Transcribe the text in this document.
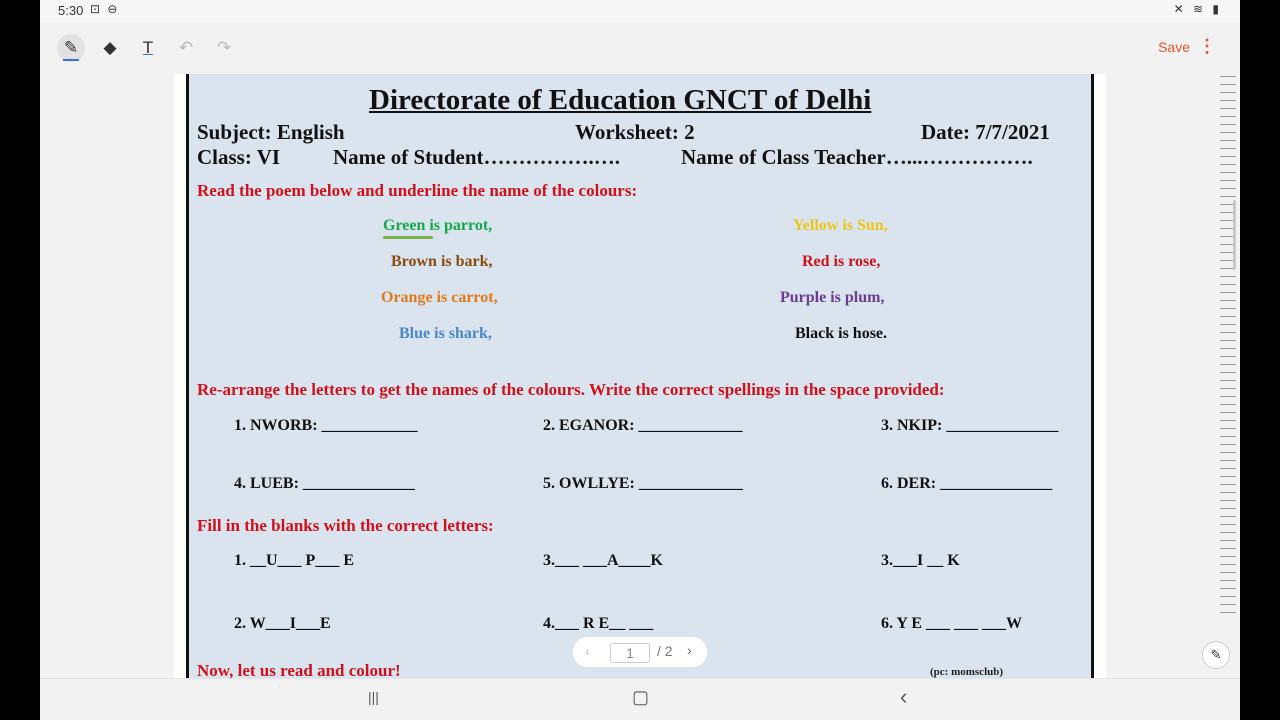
5:30 ⊡ ⊖	✕ ≋ ▮
✎	◆	T	↶	↷	Save ⋮
Directorate of Education GNCT of Delhi
Subject: English	Worksheet: 2	Date: 7/7/2021
Class: VI	Name of Student…………….….	Name of Class Teacher…...…………….
Read the poem below and underline the name of the colours:
Green is parrot,	Yellow is Sun,
Brown is bark,	Red is rose,
Orange is carrot,	Purple is plum,
Blue is shark,	Black is hose.
Re-arrange the letters to get the names of the colours. Write the correct spellings in the space provided:
1. NWORB: ____________	2. EGANOR: _____________	3. NKIP: ______________
4. LUEB: ______________	5. OWLLYE: _____________	6. DER: ______________
Fill in the blanks with the correct letters:
1. __U___ P___ E	3.___ ___A____K	3.___I __ K
2. W___I___E	4.___ R E__ ___	6. Y E ___ ___ ___W
Now, let us read and colour!	(pc: momsclub)
‹	1	/ 2 ›	✎
|||	▢	‹
